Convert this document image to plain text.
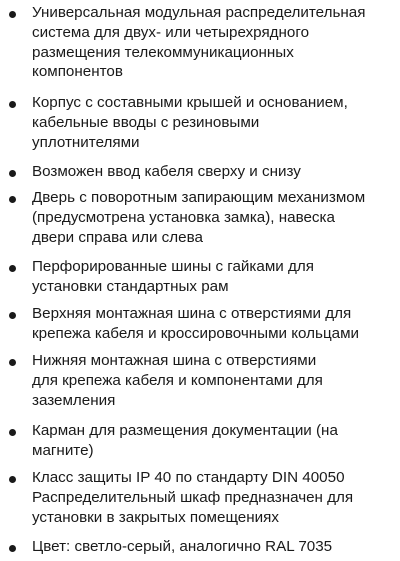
Универсальная модульная распределительная
система для двух- или четырехрядного
размещения телекоммуникационных
компонентов
Корпус с составными крышей и основанием,
кабельные вводы с резиновыми
уплотнителями
Возможен ввод кабеля сверху и снизу
Дверь с поворотным запирающим механизмом
(предусмотрена установка замка), навеска
двери справа или слева
Перфорированные шины с гайками для
установки стандартных рам
Верхняя монтажная шина с отверстиями для
крепежа кабеля и кроссировочными кольцами
Нижняя монтажная шина с отверстиями
для крепежа кабеля и компонентами для
заземления
Карман для размещения документации (на
магните)
Класс защиты IP 40 по стандарту DIN 40050
Распределительный шкаф предназначен для
установки в закрытых помещениях
Цвет: светло-серый, аналогично RAL 7035
